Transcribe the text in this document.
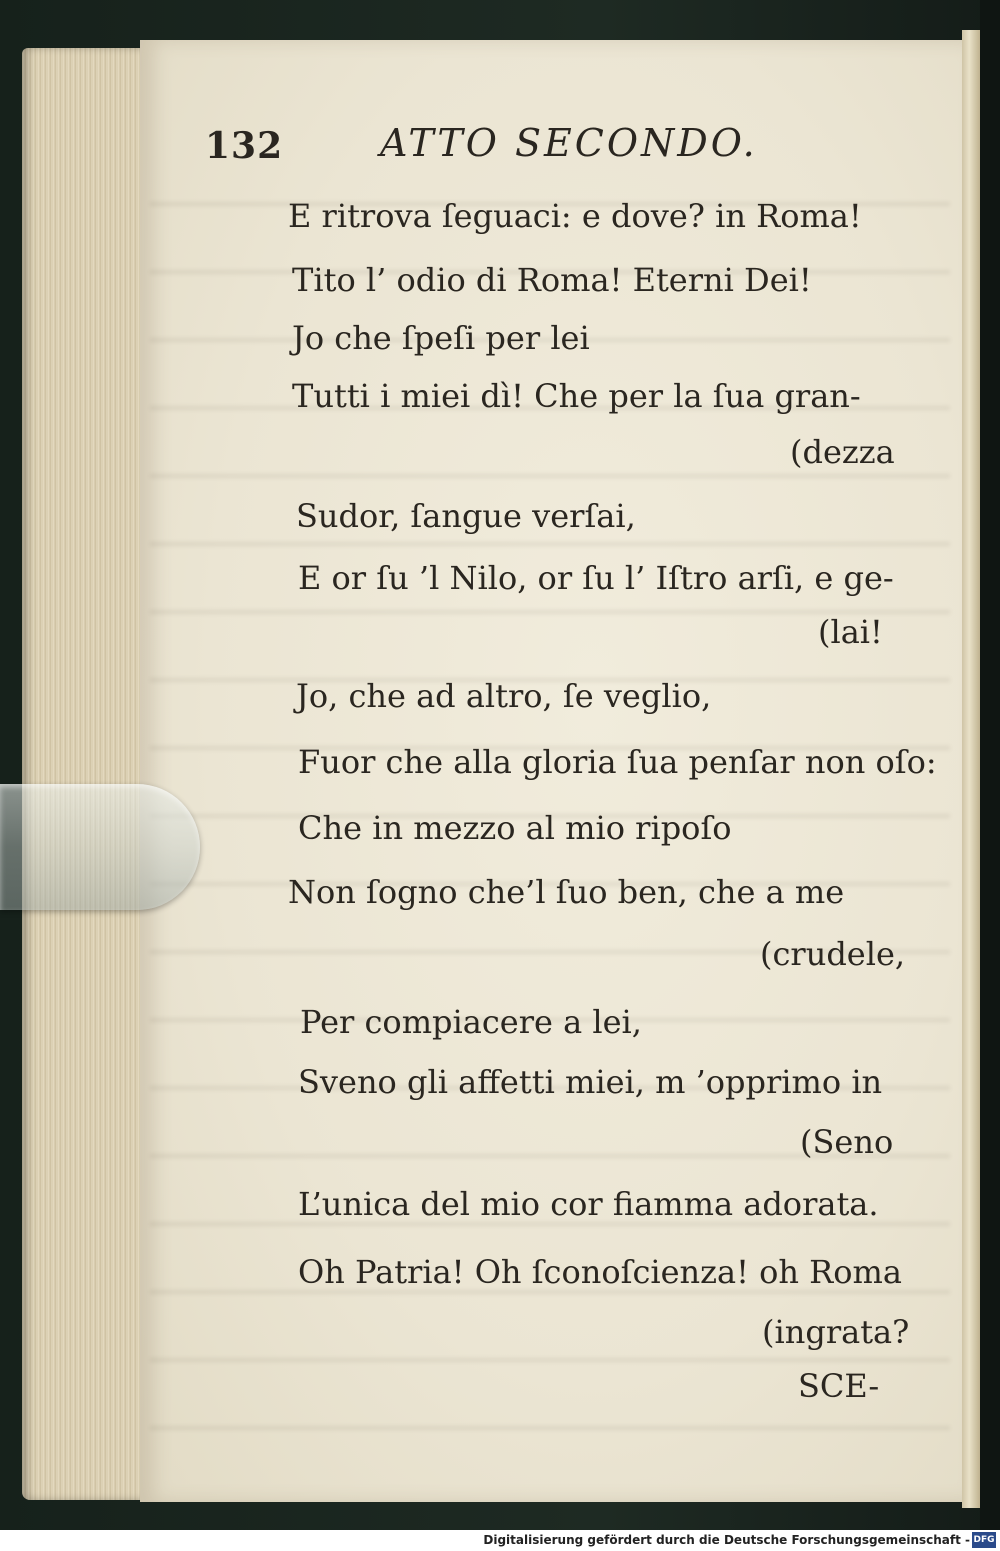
132	ATTO SECONDO.
E ritrova ſeguaci: e dove? in Roma!
Tito l’ odio di Roma! Eterni Dei!
Jo che ſpeſi per lei
Tutti i miei dì! Che per la ſua gran-
(dezza
Sudor, ſangue verſai,
E or ſu ’l Nilo, or ſu l’ Iſtro arſi, e ge-
(lai!
Jo, che ad altro, ſe veglio,
Fuor che alla gloria ſua penſar non oſo:
Che in mezzo al mio ripoſo
Non ſogno che’l ſuo ben, che a me
(crudele,
Per compiacere a lei,
Sveno gli affetti miei, m ’opprimo in
(Seno
L’unica del mio cor fiamma adorata.
Oh Patria! Oh ſconoſcienza! oh Roma
(ingrata?
SCE-
Digitalisierung gefördert durch die Deutsche Forschungsgemeinschaft - DFG
